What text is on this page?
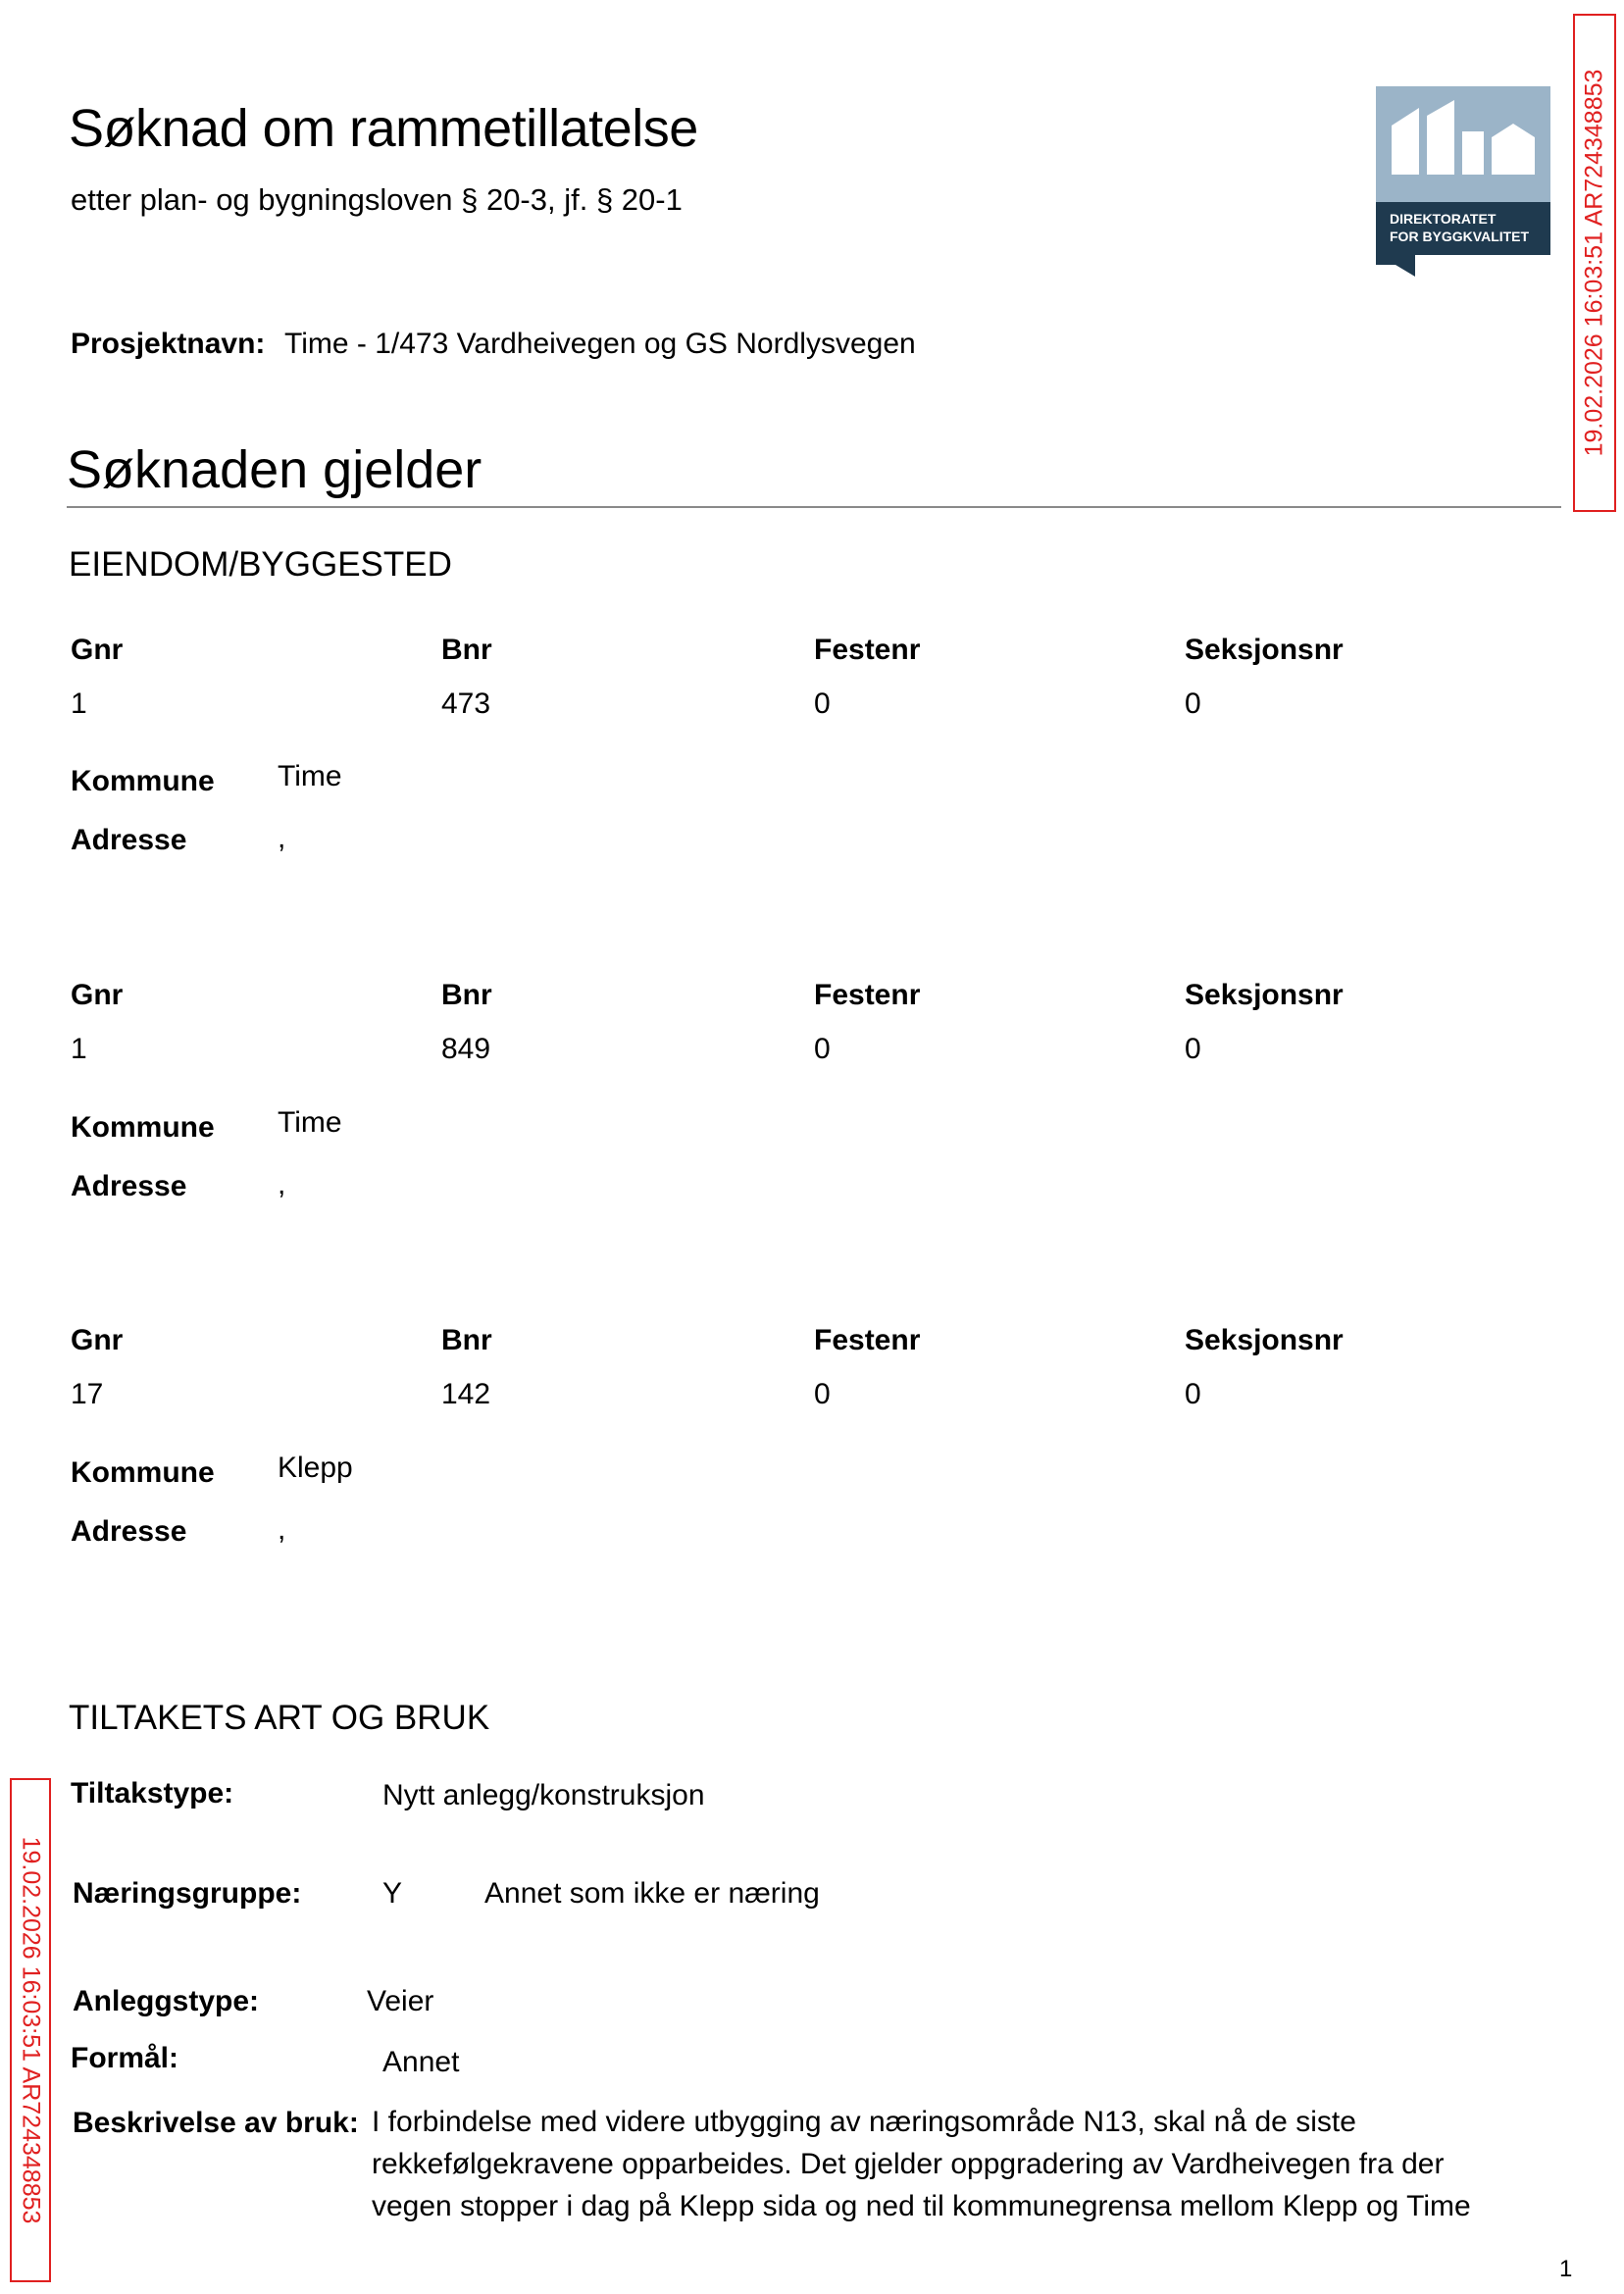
Søknad om rammetillatelse
etter plan- og bygningsloven § 20-3, jf. § 20-1
DIREKTORATET
FOR BYGGKVALITET 19.02.2026 16:03:51 AR724348853
19.02.2026 16:03:51 AR724348853
Prosjektnavn: Time - 1/473 Vardheivegen og GS Nordlysvegen
Søknaden gjelder
EIENDOM/BYGGESTED
Gnr	Bnr	Festenr	Seksjonsnr
1	473	0	0
Kommune Time
Adresse	,
Gnr	Bnr	Festenr	Seksjonsnr
1	849	0	0
Kommune Time
Adresse	,
Gnr	Bnr	Festenr	Seksjonsnr
17	142	0	0
Kommune Klepp
Adresse	,
TILTAKETS ART OG BRUK
Tiltakstype:	Nytt anlegg/konstruksjon
Næringsgruppe:	Y	Annet som ikke er næring
Anleggstype:	Veier
Formål:	Annet
Beskrivelse av bruk: I forbindelse med videre utbygging av næringsområde N13, skal nå de siste rekkefølgekravene opparbeides. Det gjelder oppgradering av Vardheivegen fra der vegen stopper i dag på Klepp sida og ned til kommunegrensa mellom Klepp og Time
1
